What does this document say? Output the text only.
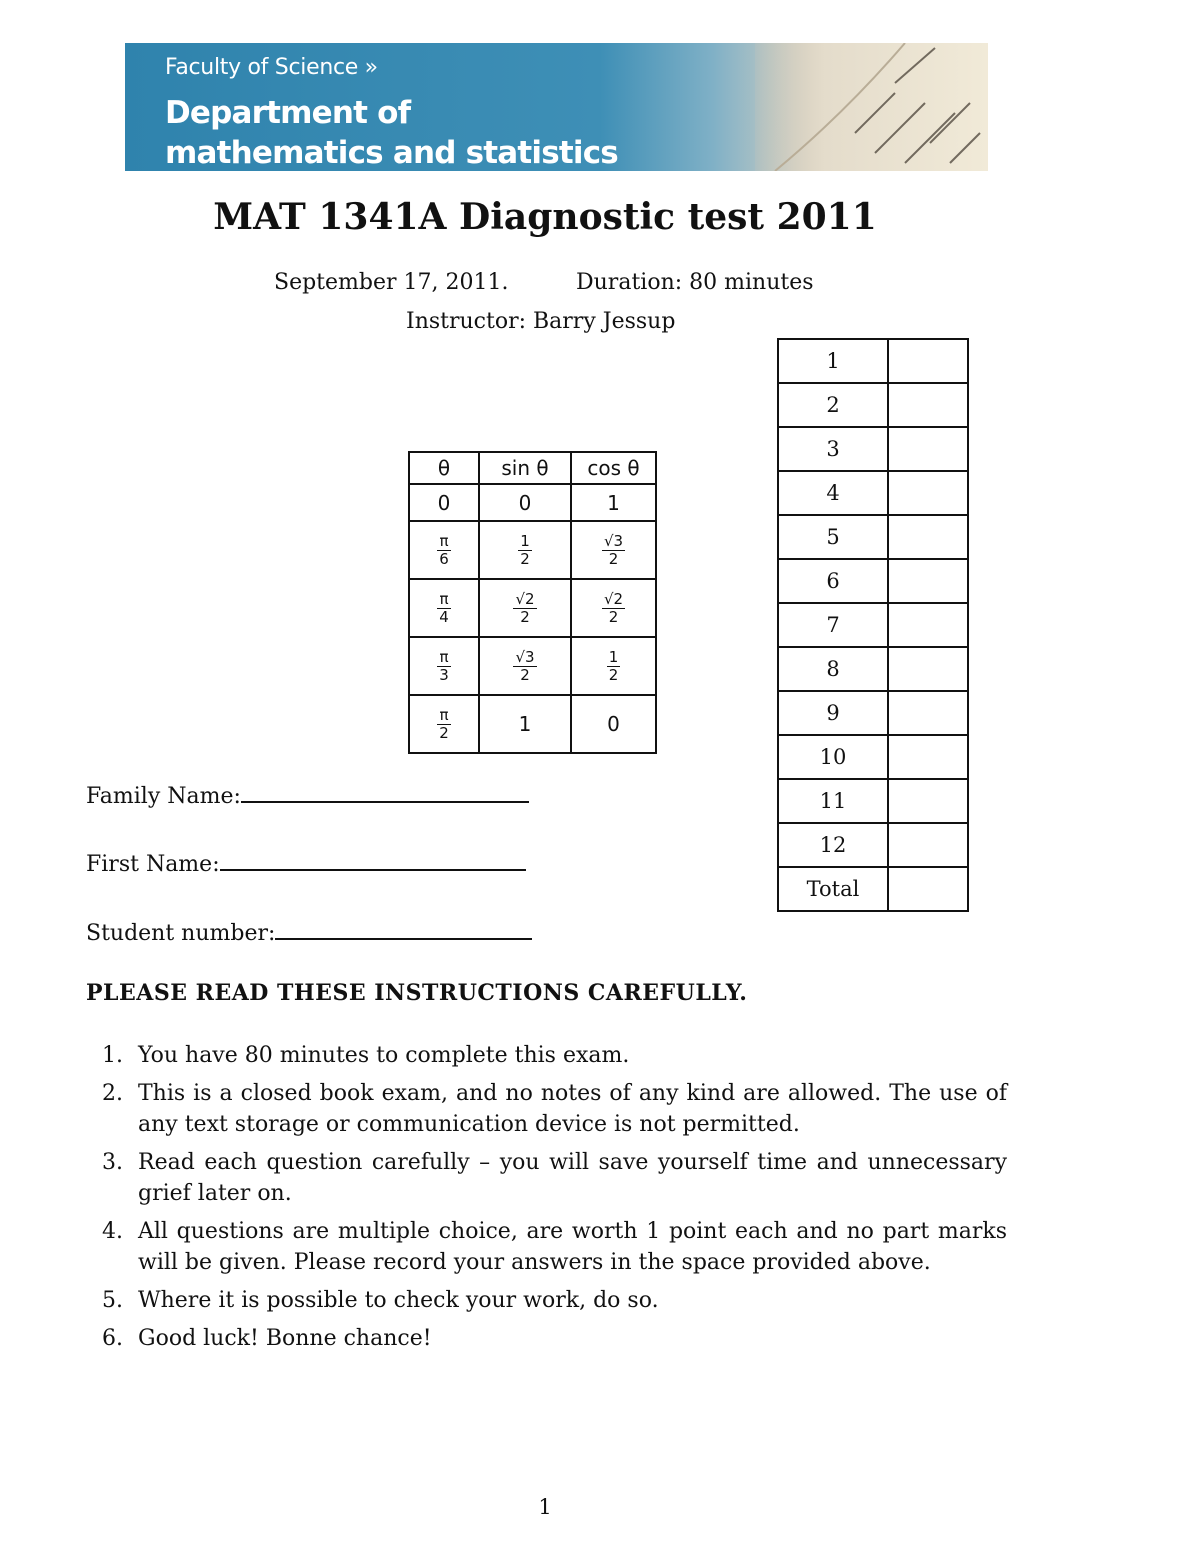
Faculty of Science »
Department of
mathematics and statistics
MAT 1341A Diagnostic test 2011
September 17, 2011.	Duration: 80 minutes
Instructor: Barry Jessup
θ	sin θ	cos θ
0	0	1

$\frac{\pi}{6}$	$\frac{1}{2}$	$\frac{√3}{2}$

$\frac{\pi}{4}$	$\frac{√2}{2}$	$\frac{√2}{2}$

$\frac{\pi}{3}$	$\frac{√3}{2}$	$\frac{1}{2}$

$\frac{\pi}{2}$	1	0
1	
2	
3	
4	
5	
6	
7	
8	
9	
10	
11	
12	
Total	
Family Name:
First Name:
Student number:
PLEASE READ THESE INSTRUCTIONS CAREFULLY.
1. You have 80 minutes to complete this exam.
2. This is a closed book exam, and no notes of any kind are allowed. The use of any text storage or communication device is not permitted.
3. Read each question carefully – you will save yourself time and unnecessary grief later on.
4. All questions are multiple choice, are worth 1 point each and no part marks will be given. Please record your answers in the space provided above.
5. Where it is possible to check your work, do so.
6. Good luck! Bonne chance!
1
